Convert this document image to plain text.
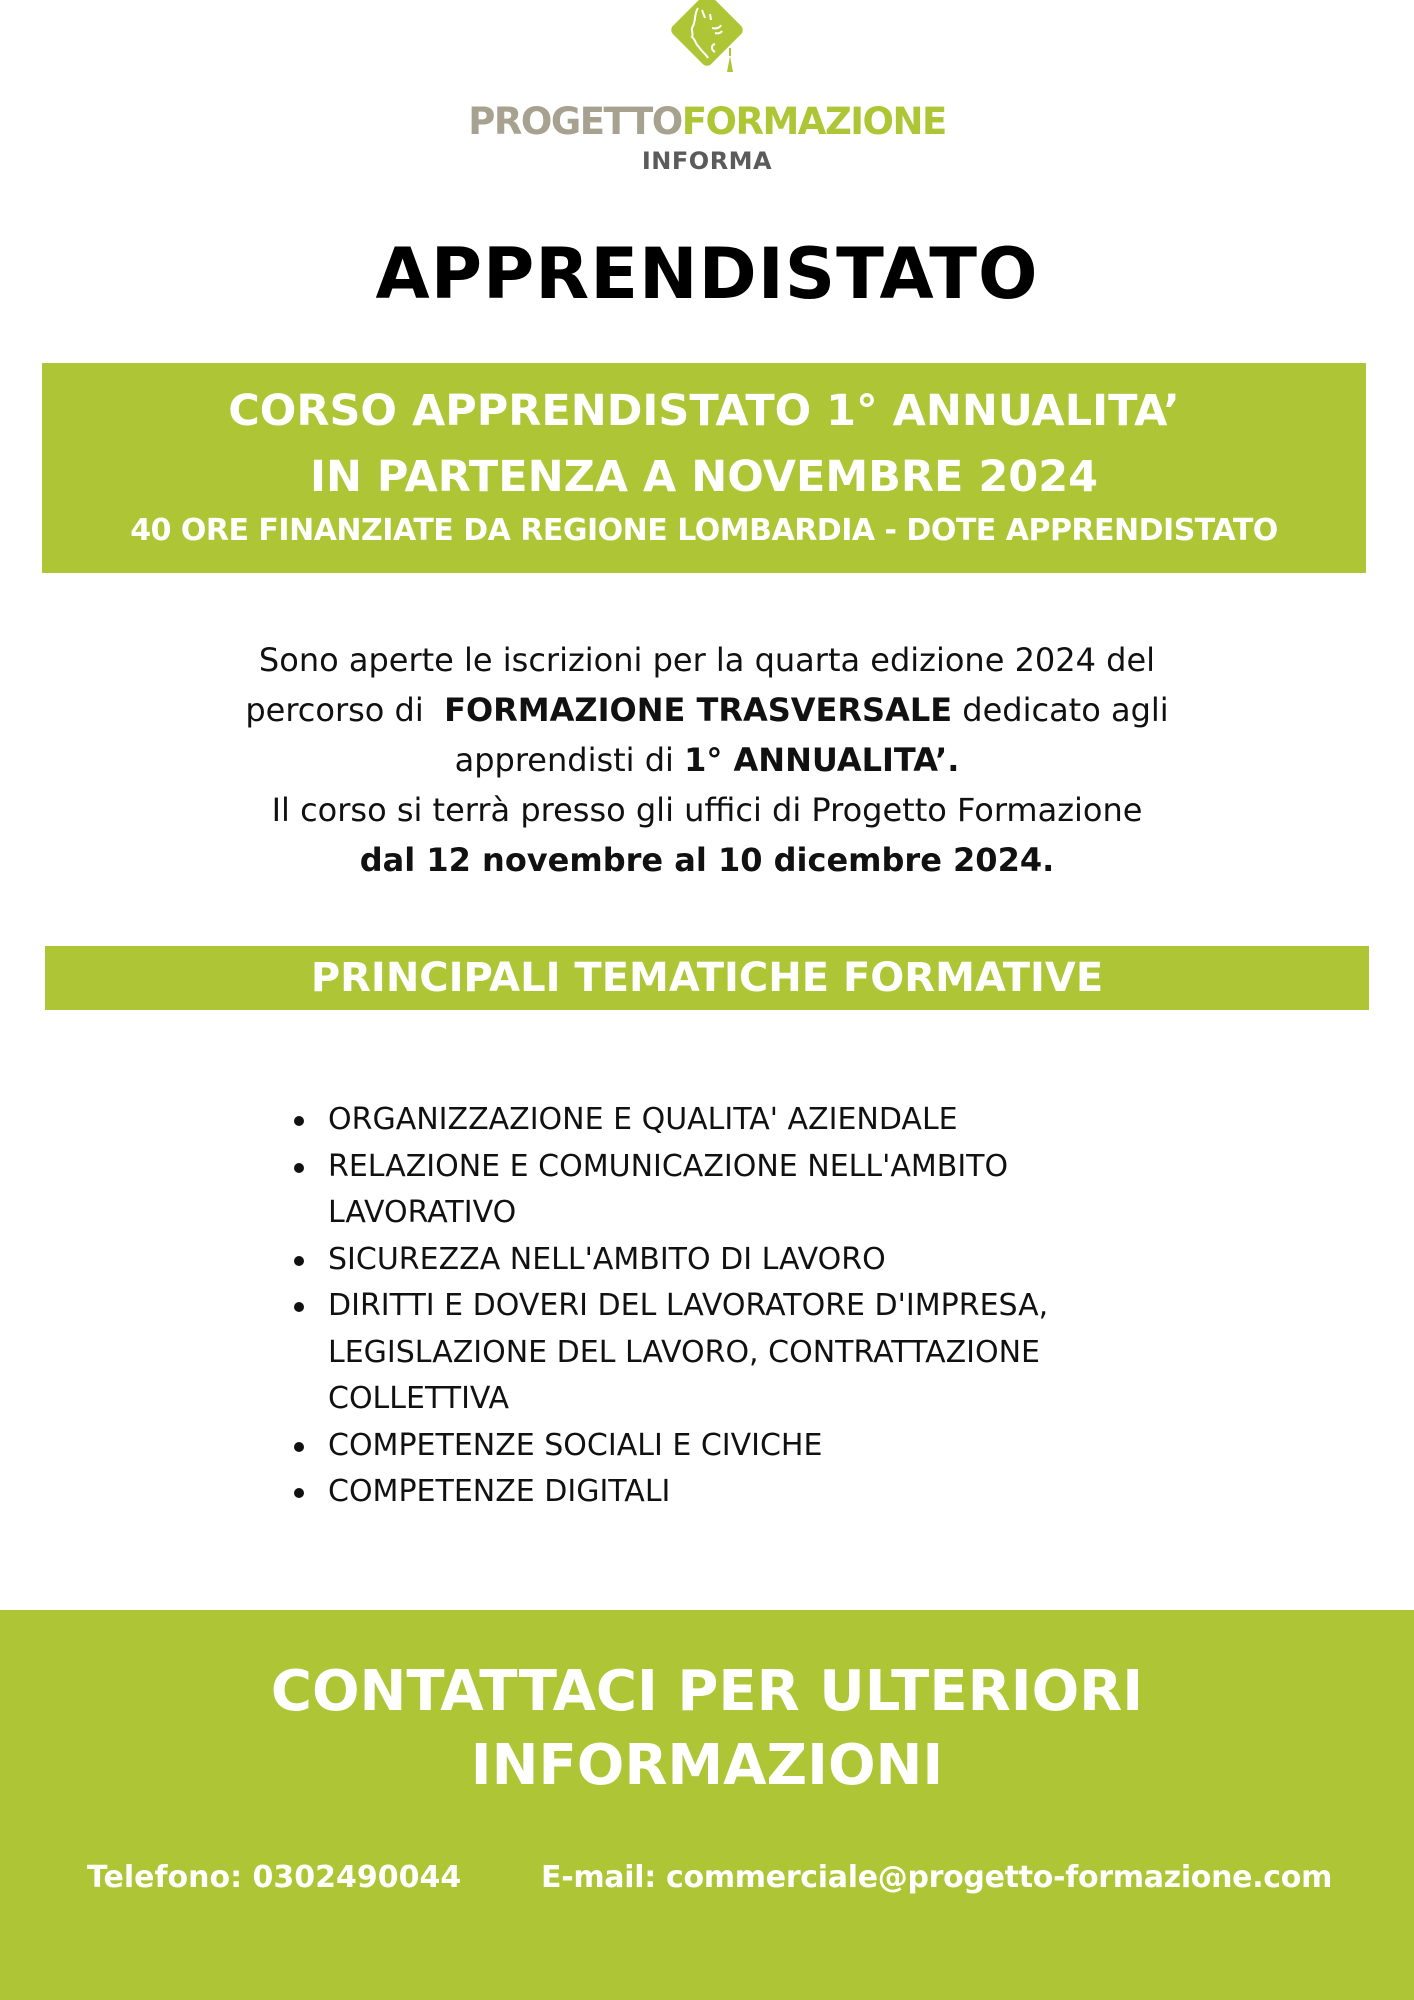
PROGETTOFORMAZIONE
INFORMA
APPRENDISTATO
CORSO APPRENDISTATO 1° ANNUALITA’
IN PARTENZA A NOVEMBRE 2024
40 ORE FINANZIATE DA REGIONE LOMBARDIA - DOTE APPRENDISTATO
Sono aperte le iscrizioni per la quarta edizione 2024 del
percorso di  FORMAZIONE TRASVERSALE dedicato agli
apprendisti di 1° ANNUALITA’.
Il corso si terrà presso gli uffici di Progetto Formazione
dal 12 novembre al 10 dicembre 2024.
PRINCIPALI TEMATICHE FORMATIVE
ORGANIZZAZIONE E QUALITA' AZIENDALE
RELAZIONE E COMUNICAZIONE NELL'AMBITO
LAVORATIVO
SICUREZZA NELL'AMBITO DI LAVORO
DIRITTI E DOVERI DEL LAVORATORE D'IMPRESA,
LEGISLAZIONE DEL LAVORO, CONTRATTAZIONE
COLLETTIVA
COMPETENZE SOCIALI E CIVICHE
COMPETENZE DIGITALI
CONTATTACI PER ULTERIORI
INFORMAZIONI
Telefono: 0302490044	E-mail: commerciale@progetto-formazione.com
